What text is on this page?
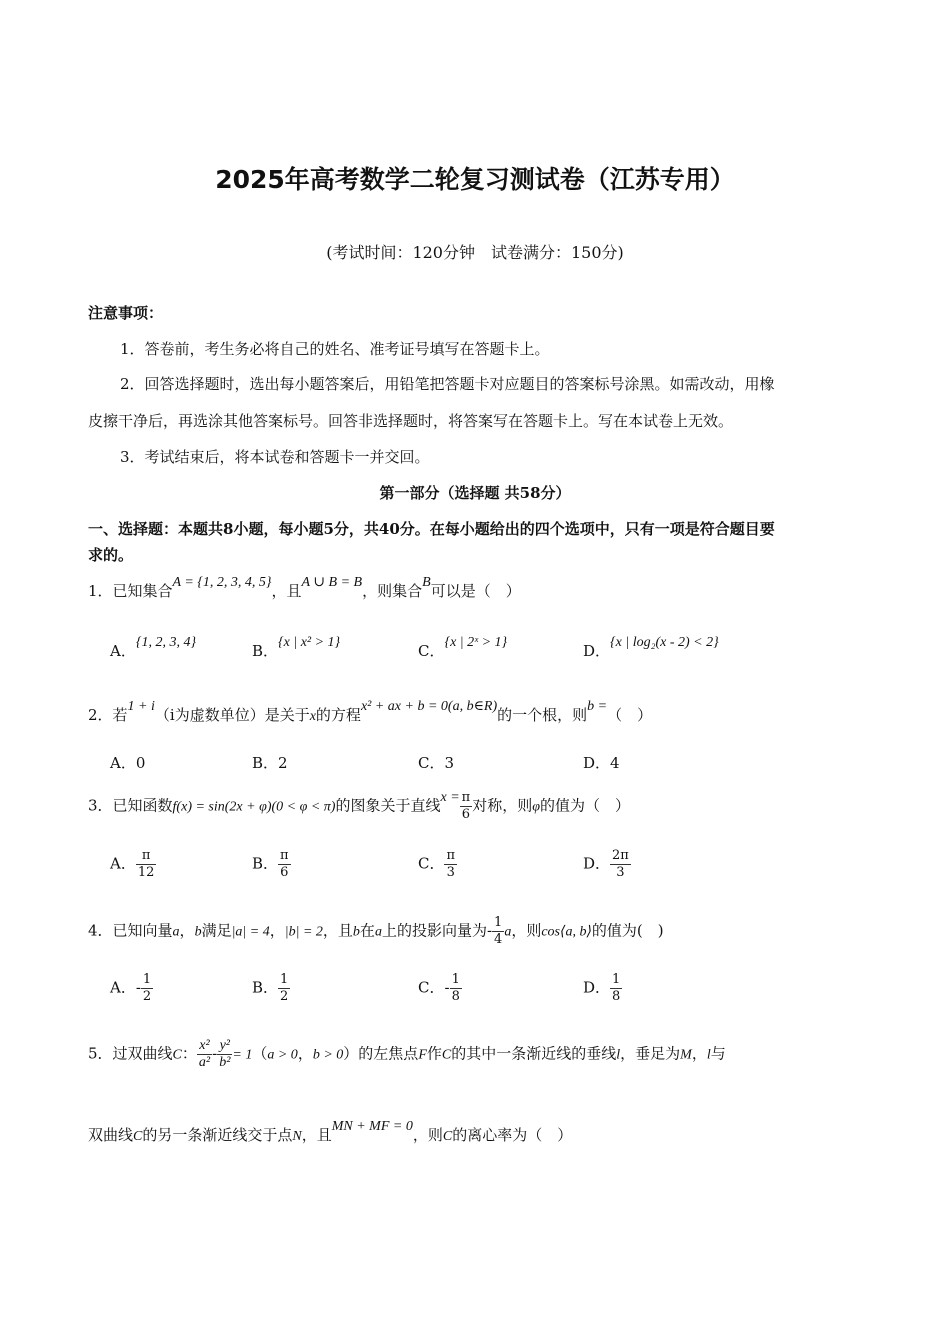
2025年高考数学二轮复习测试卷（江苏专用）
(考试时间：120分钟　试卷满分：150分)
注意事项：
1．答卷前，考生务必将自己的姓名、准考证号填写在答题卡上。
2．回答选择题时，选出每小题答案后，用铅笔把答题卡对应题目的答案标号涂黑。如需改动，用橡
皮擦干净后，再选涂其他答案标号。回答非选择题时，将答案写在答题卡上。写在本试卷上无效。
3．考试结束后，将本试卷和答题卡一并交回。
第一部分（选择题 共58分）
一、选择题：本题共8小题，每小题5分，共40分。在每小题给出的四个选项中，只有一项是符合题目要
求的。
1．已知集合A = {1, 2, 3, 4, 5}，且A ∪ B = B，则集合B可以是（　）
A．{1, 2, 3, 4}	B．{x | x² > 1}	C．{x | 2ˣ > 1}	D．{x | log₂(x - 2) < 2}
2．若1 + i（i为虚数单位）是关于x的方程x² + ax + b = 0(a, b∈R)的一个根，则b =（　）
A．0	B．2	C．3	D．4
3．已知函数f(x) = sin(2x + φ)(0 < φ < π)的图象关于直线$x = \frac{\pi}{6}$ 对称，则φ的值为（　）
A． $\frac{\pi}{12}$	B． $\frac{\pi}{6}$	C． $\frac{\pi}{3}$	D． $\frac{2\pi}{3}$
4．已知向量a，b满足|a| = 4，|b| = 2，且b在a上的投影向量为- $\frac{1}{4}$ a，则cos⟨a, b⟩的值为(　)
A．- $\frac{1}{2}$	B． $\frac{1}{2}$	C．- $\frac{1}{8}$	D． $\frac{1}{8}$
5．过双曲线C： $\frac{\text{x²}}{\text{a²}} - \frac{\text{y²}}{\text{b²}} = 1(a > 0$，b > 0）的左焦点F作C的其中一条渐近线的垂线l，垂足为M，l与
双曲线C的另一条渐近线交于点N，且MN + MF = 0，则C的离心率为（　）
